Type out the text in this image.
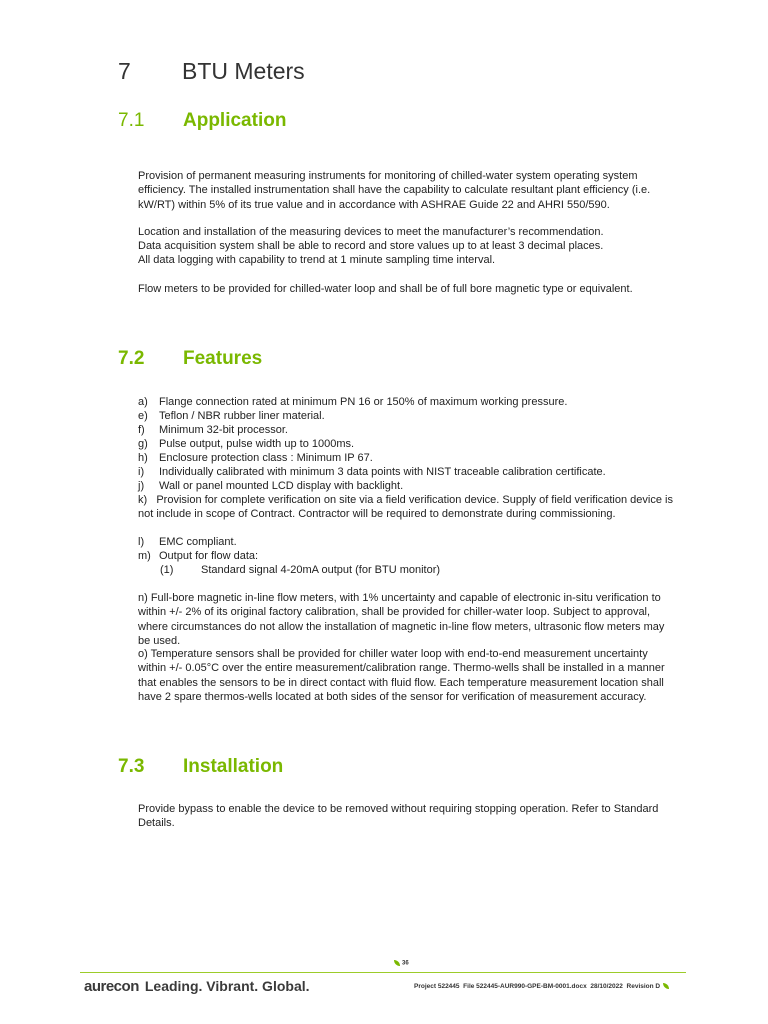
7 BTU Meters
7.1 Application

Provision of permanent measuring instruments for monitoring of chilled-water system operating system efficiency. The installed instrumentation shall have the capability to calculate resultant plant efficiency (i.e. kW/RT) within 5% of its true value and in accordance with ASHRAE Guide 22 and AHRI 550/590.

Location and installation of the measuring devices to meet the manufacturer’s recommendation.

Data acquisition system shall be able to record and store values up to at least 3 decimal places.

All data logging with capability to trend at 1 minute sampling time interval.

Flow meters to be provided for chilled-water loop and shall be of full bore magnetic type or equivalent.

7.2 Features
a) Flange connection rated at minimum PN 16 or 150% of maximum working pressure.
e) Teflon / NBR rubber liner material.
f) Minimum 32-bit processor.
g) Pulse output, pulse width up to 1000ms.
h) Enclosure protection class : Minimum IP 67.
i) Individually calibrated with minimum 3 data points with NIST traceable calibration certificate.
j) Wall or panel mounted LCD display with backlight.

k)   Provision for complete verification on site via a field verification device. Supply of field verification device is not include in scope of Contract. Contractor will be required to demonstrate during commissioning.

l) EMC compliant.
m) Output for flow data:
(1)	Standard signal 4-20mA output (for BTU monitor)

n) Full-bore magnetic in-line flow meters, with 1% uncertainty and capable of electronic in-situ verification to within +/- 2% of its original factory calibration, shall be provided for chiller-water loop. Subject to approval, where circumstances do not allow the installation of magnetic in-line flow meters, ultrasonic flow meters may be used.

o) Temperature sensors shall be provided for chiller water loop with end-to-end measurement uncertainty within +/- 0.05°C over the entire measurement/calibration range. Thermo-wells shall be installed in a manner that enables the sensors to be in direct contact with fluid flow. Each temperature measurement location shall have 2 spare thermos-wells located at both sides of the sensor for verification of measurement accuracy.

7.3 Installation

Provide bypass to enable the device to be removed without requiring stopping operation. Refer to Standard Details.

36
aurecon Leading. Vibrant. Global.	Project 522445 File 522445-AUR990-GPE-BM-0001.docx 28/10/2022 Revision D
